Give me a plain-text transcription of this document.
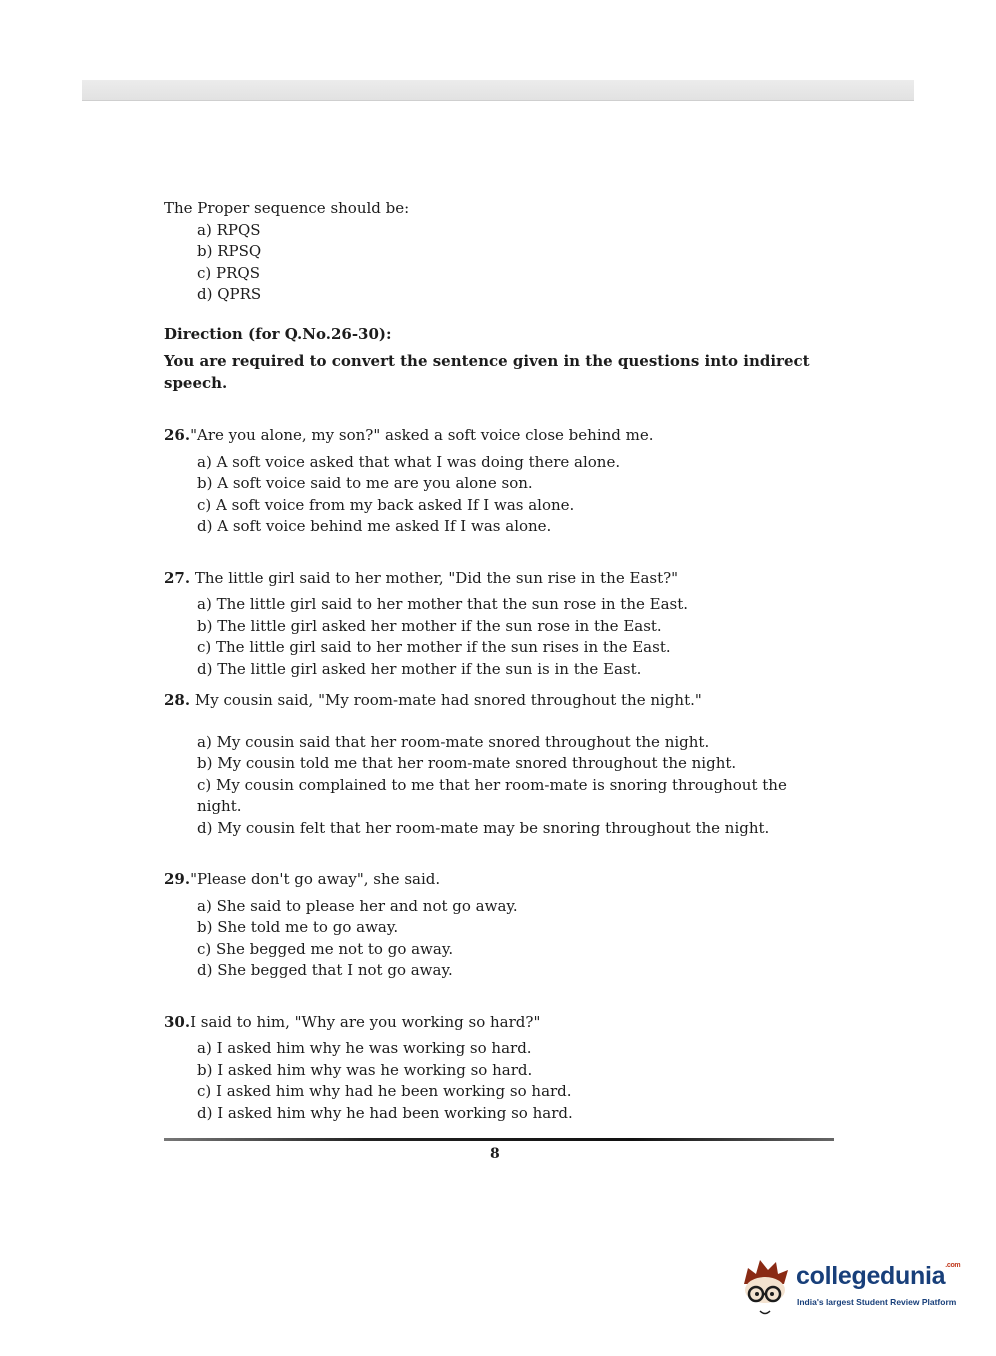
The Proper sequence should be:
a) RPQS
b) RPSQ
c) PRQS
d) QPRS
Direction (for Q.No.26-30):
You are required to convert the sentence given in the questions into indirect speech.
26."Are you alone, my son?" asked a soft voice close behind me.
a) A soft voice asked that what I was doing there alone.
b) A soft voice said to me are you alone son.
c) A soft voice from my back asked If I was alone.
d) A soft voice behind me asked If I was alone.
27. The little girl said to her mother, "Did the sun rise in the East?"
a) The little girl said to her mother that the sun rose in the East.
b) The little girl asked her mother if the sun rose in the East.
c) The little girl said to her mother if the sun rises in the East.
d) The little girl asked her mother if the sun is in the East.
28. My cousin said, "My room-mate had snored throughout the night."
a) My cousin said that her room-mate snored throughout the night.
b) My cousin told me that her room-mate snored throughout the night.
c) My cousin complained to me that her room-mate is snoring throughout the night.
d) My cousin felt that her room-mate may be snoring throughout the night.
29."Please don't go away", she said.
a) She said to please her and not go away.
b) She told me to go away.
c) She begged me not to go away.
d) She begged that I not go away.
30.I said to him, "Why are you working so hard?"
a) I asked him why he was working so hard.
b) I asked him why was he working so hard.
c) I asked him why had he been working so hard.
d) I asked him why he had been working so hard.
8
collegedunia$^{.com}$
India's largest Student Review Platform
